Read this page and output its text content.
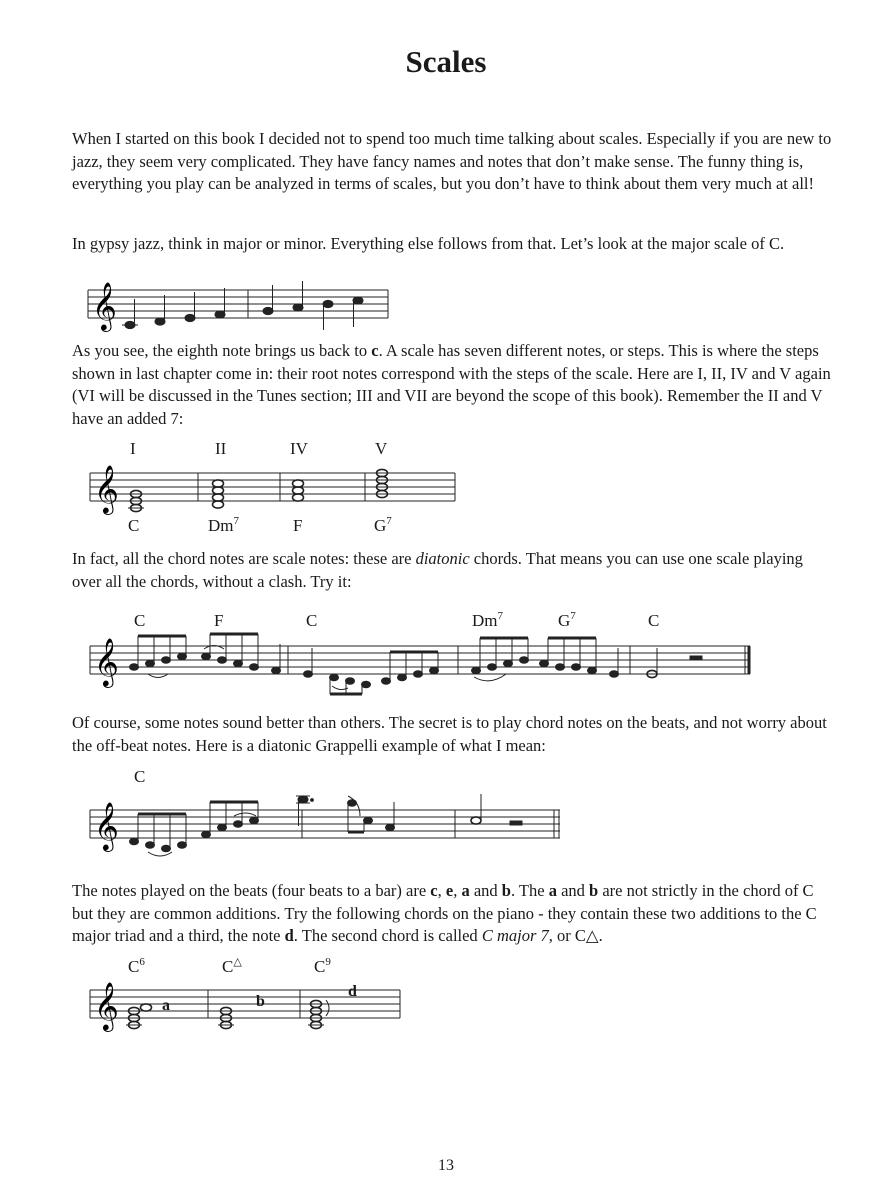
Scales

When I started on this book I decided not to spend too much time talking about scales. Especially if you are new to jazz, they seem very complicated. They have fancy names and notes that don’t make sense. The funny thing is, everything you play can be analyzed in terms of scales, but you don’t have to think about them very much at all!

In gypsy jazz, think in major or minor. Everything else follows from that. Let’s look at the major scale of C.

𝄞

As you see, the eighth note brings us back to c. A scale has seven different notes, or steps. This is where the steps shown in last chapter come in: their root notes correspond with the steps of the scale. Here are I, II, IV and V again (VI will be discussed in the Tunes section; III and VII are beyond the scope of this book). Remember the II and V have an added 7:

I	II	IV	V
𝄞
C	Dm$^7$	F	$G^7$

In fact, all the chord notes are scale notes: these are diatonic chords. That means you can use one scale playing over all the chords, without a clash. Try it:

C	F	C	Dm$^7$	$G^7$	C
𝄞

Of course, some notes sound better than others. The secret is to play chord notes on the beats, and not worry about the off-beat notes. Here is a diatonic Grappelli example of what I mean:

C
𝄞

The notes played on the beats (four beats to a bar) are c, e, a and b. The a and b are not strictly in the chord of C but they are common additions. Try the following chords on the piano - they contain these two additions to the C major triad and a third, the note d. The second chord is called C major 7, or C△.

$C^6$	C△	$C^9$
𝄞	a	b
d
13
